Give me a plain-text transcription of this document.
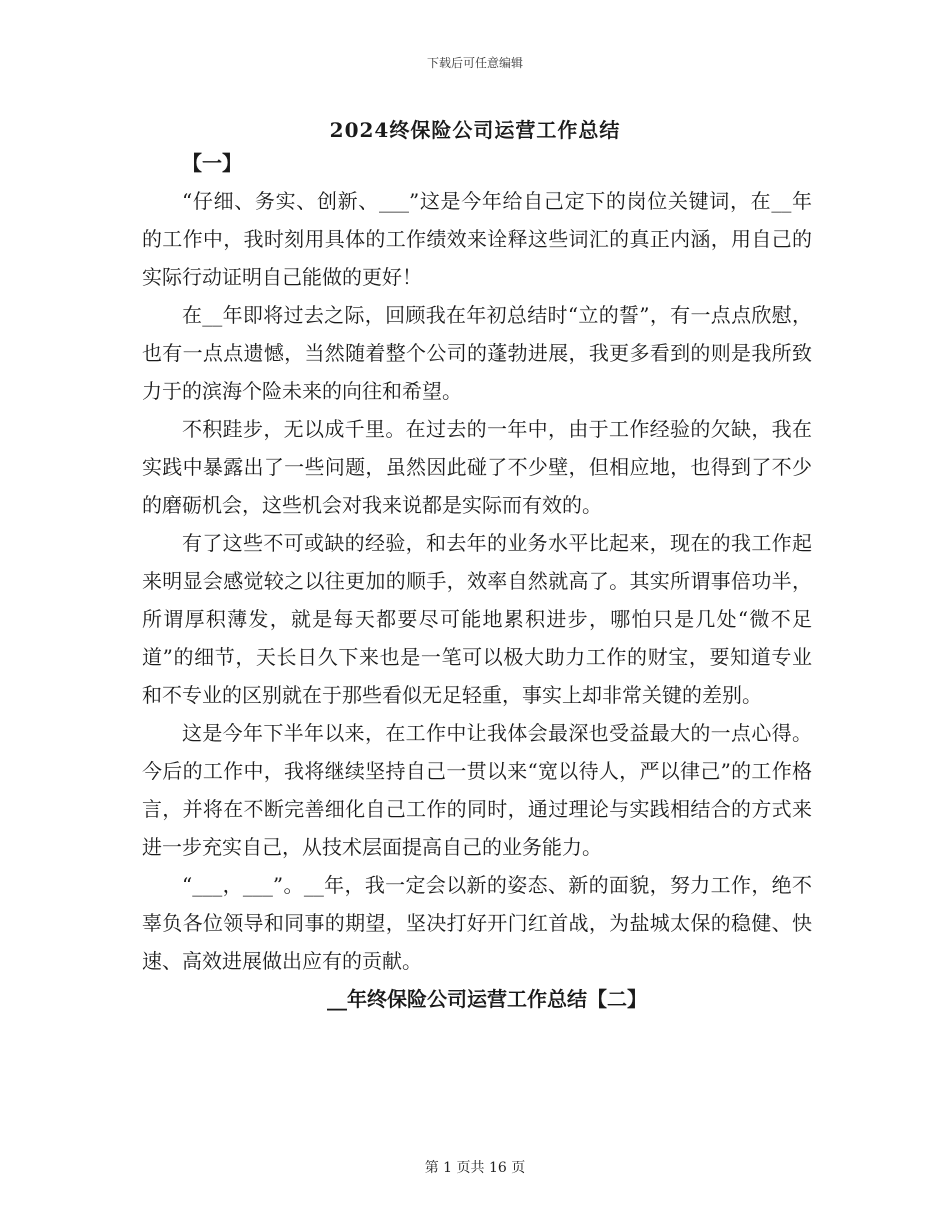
下载后可任意编辑
2024终保险公司运营工作总结

【一】

“仔细、务实、创新、___”这是今年给自己定下的岗位关键词，在__年的工作中，我时刻用具体的工作绩效来诠释这些词汇的真正内涵，用自己的实际行动证明自己能做的更好！

在__年即将过去之际，回顾我在年初总结时“立的誓”，有一点点欣慰，也有一点点遗憾，当然随着整个公司的蓬勃进展，我更多看到的则是我所致力于的滨海个险未来的向往和希望。

不积跬步，无以成千里。在过去的一年中，由于工作经验的欠缺，我在实践中暴露出了一些问题，虽然因此碰了不少壁，但相应地，也得到了不少的磨砺机会，这些机会对我来说都是实际而有效的。

有了这些不可或缺的经验，和去年的业务水平比起来，现在的我工作起来明显会感觉较之以往更加的顺手，效率自然就高了。其实所谓事倍功半，所谓厚积薄发，就是每天都要尽可能地累积进步，哪怕只是几处“微不足道”的细节，天长日久下来也是一笔可以极大助力工作的财宝，要知道专业和不专业的区别就在于那些看似无足轻重，事实上却非常关键的差别。

这是今年下半年以来，在工作中让我体会最深也受益最大的一点心得。今后的工作中，我将继续坚持自己一贯以来“宽以待人，严以律己”的工作格言，并将在不断完善细化自己工作的同时，通过理论与实践相结合的方式来进一步充实自己，从技术层面提高自己的业务能力。

“___，___”。__年，我一定会以新的姿态、新的面貌，努力工作，绝不辜负各位领导和同事的期望，坚决打好开门红首战，为盐城太保的稳健、快速、高效进展做出应有的贡献。

__年终保险公司运营工作总结【二】

第 1 页共 16 页
